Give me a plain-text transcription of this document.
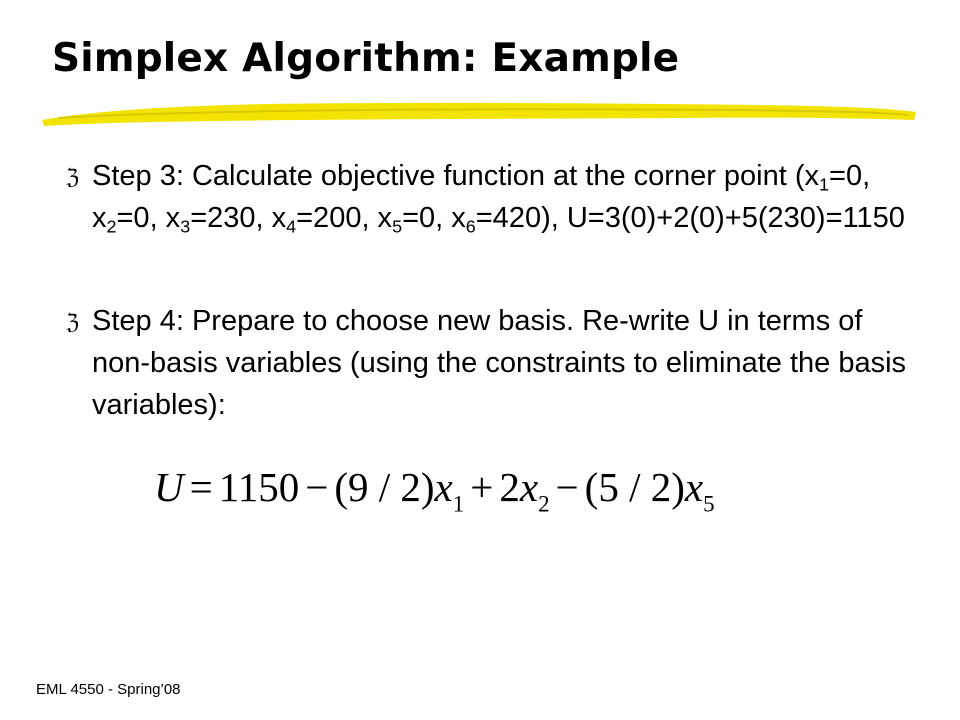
Simplex Algorithm: Example
ℨ Step 3: Calculate objective function at the corner point ($x_1=0$, $x_2=0$, $x_3=230$, $x_4=200$, $x_5=0$, $x_6=420$), U=3(0)+2(0)+5(230)=1150
ℨ Step 4: Prepare to choose new basis. Re-write U in terms of non-basis variables (using the constraints to eliminate the basis variables):
$U = 1150 - (9 / 2)x_1 + 2x_2 - (5 / 2)x_5$
EML 4550 - Spring’08
